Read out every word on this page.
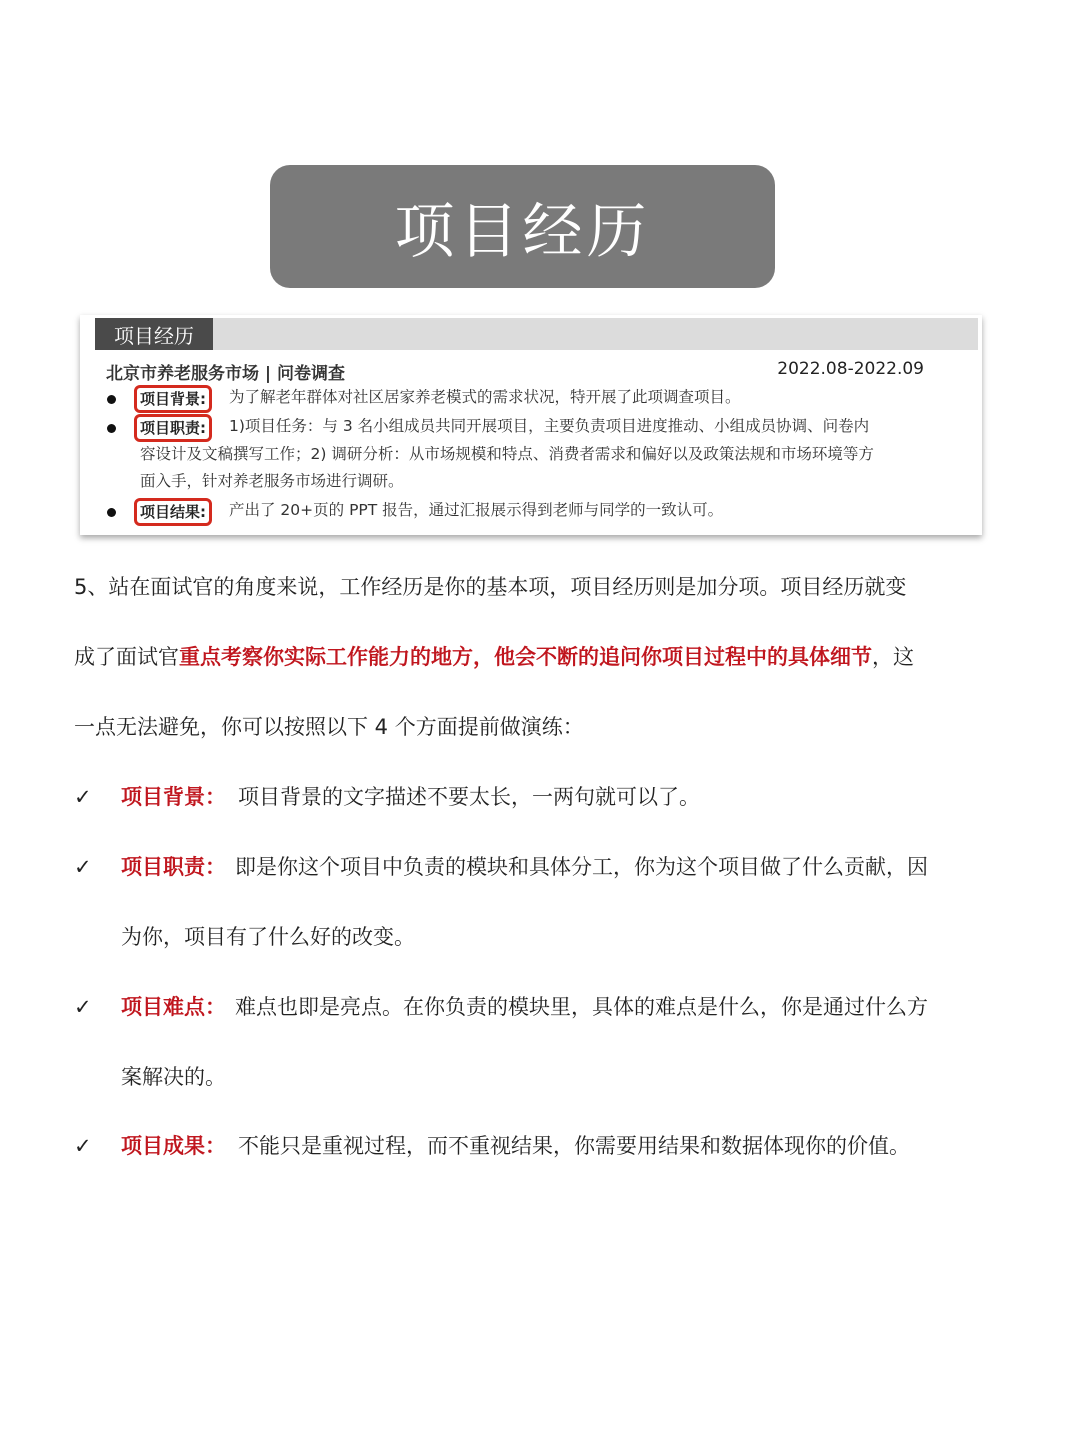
项目经历
项目经历
北京市养老服务市场 | 问卷调查	2022.08-2022.09
项目背景:	为了解老年群体对社区居家养老模式的需求状况，特开展了此项调查项目。
项目职责:	1)项目任务：与 3 名小组成员共同开展项目，主要负责项目进度推动、小组成员协调、问卷内
容设计及文稿撰写工作；2) 调研分析：从市场规模和特点、消费者需求和偏好以及政策法规和市场环境等方
面入手，针对养老服务市场进行调研。
项目结果:	产出了 20+页的 PPT 报告，通过汇报展示得到老师与同学的一致认可。
5、站在面试官的角度来说，工作经历是你的基本项，项目经历则是加分项。项目经历就变
成了面试官重点考察你实际工作能力的地方，他会不断的追问你项目过程中的具体细节，这
一点无法避免，你可以按照以下 4 个方面提前做演练：
✓ 项目背景： 项目背景的文字描述不要太长，一两句就可以了。
✓ 项目职责： 即是你这个项目中负责的模块和具体分工，你为这个项目做了什么贡献，因
为你，项目有了什么好的改变。
✓ 项目难点： 难点也即是亮点。在你负责的模块里，具体的难点是什么，你是通过什么方
案解决的。
✓ 项目成果： 不能只是重视过程，而不重视结果，你需要用结果和数据体现你的价值。
